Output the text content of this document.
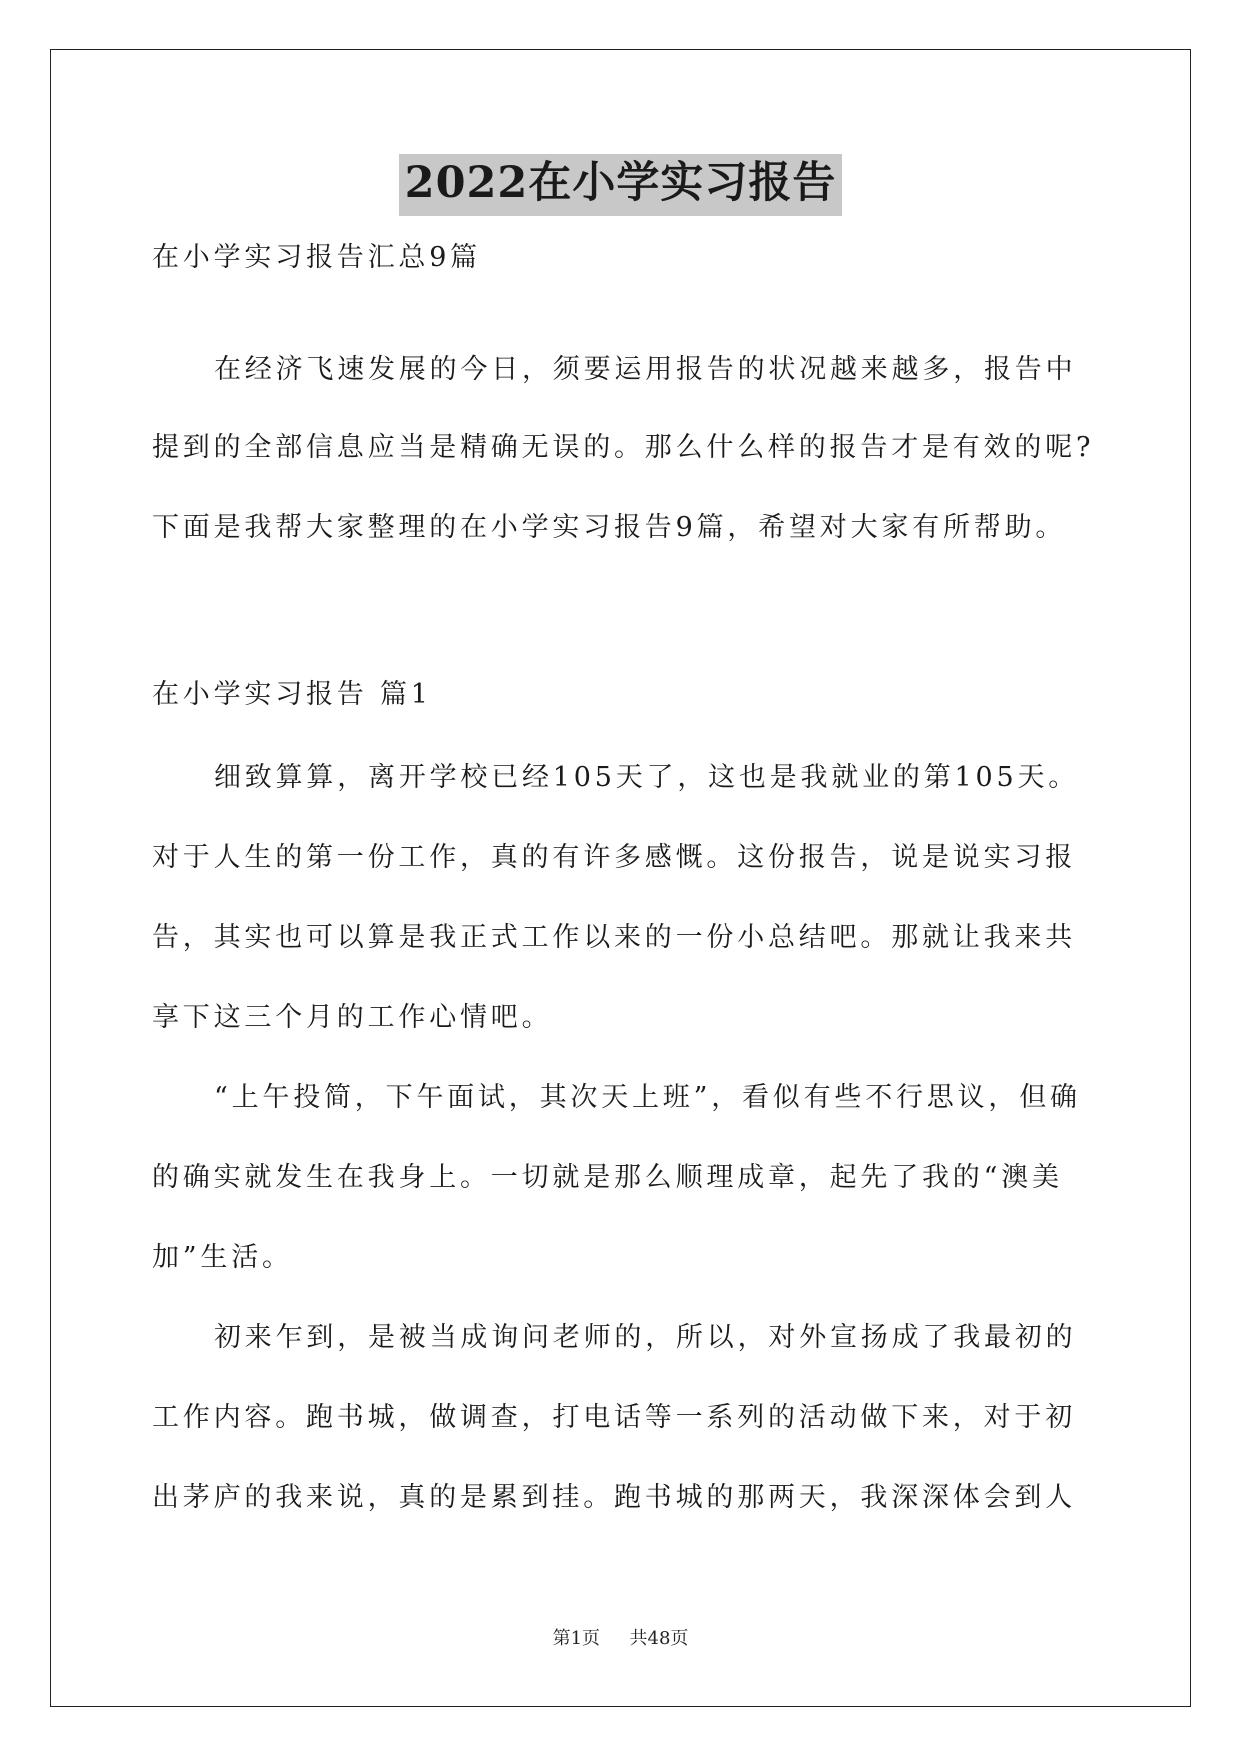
2022在小学实习报告
在小学实习报告汇总9篇
在经济飞速发展的今日，须要运用报告的状况越来越多，报告中
提到的全部信息应当是精确无误的。那么什么样的报告才是有效的呢?
下面是我帮大家整理的在小学实习报告9篇，希望对大家有所帮助。
在小学实习报告 篇1
细致算算，离开学校已经105天了，这也是我就业的第105天。
对于人生的第一份工作，真的有许多感慨。这份报告，说是说实习报
告，其实也可以算是我正式工作以来的一份小总结吧。那就让我来共
享下这三个月的工作心情吧。
“上午投简，下午面试，其次天上班”，看似有些不行思议，但确
的确实就发生在我身上。一切就是那么顺理成章，起先了我的“澳美
加”生活。
初来乍到，是被当成询问老师的，所以，对外宣扬成了我最初的
工作内容。跑书城，做调查，打电话等一系列的活动做下来，对于初
出茅庐的我来说，真的是累到挂。跑书城的那两天，我深深体会到人
第1页 共48页
